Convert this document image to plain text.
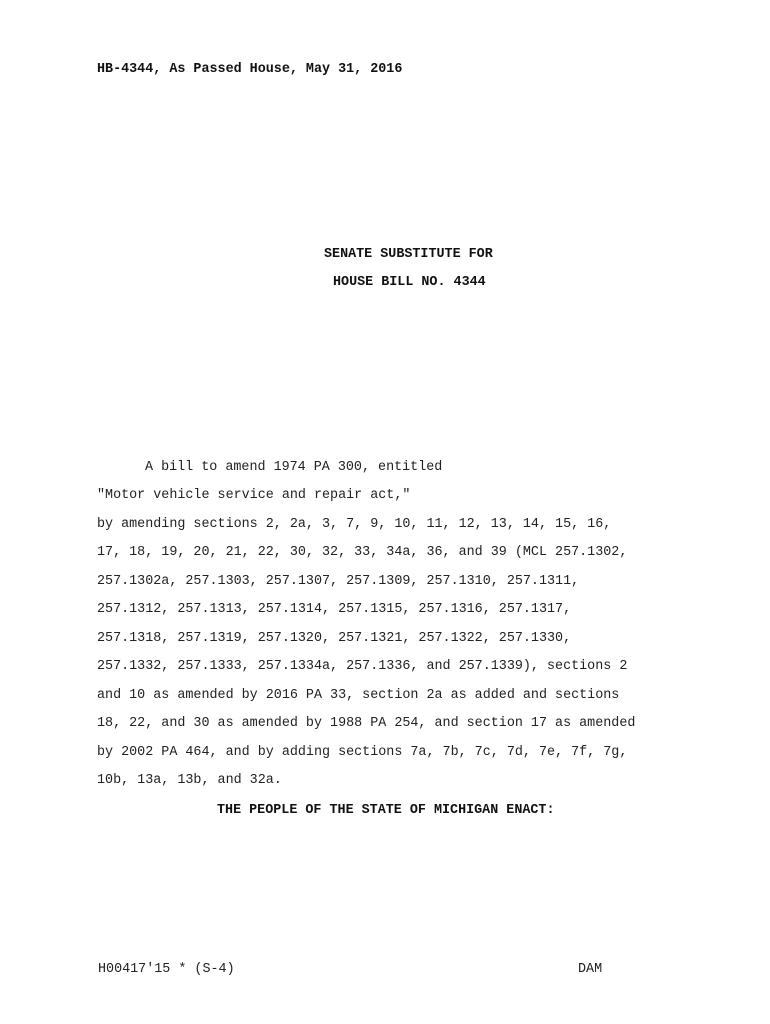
HB-4344, As Passed House, May 31, 2016
SENATE SUBSTITUTE FOR
HOUSE BILL NO. 4344
A bill to amend 1974 PA 300, entitled
"Motor vehicle service and repair act,"
by amending sections 2, 2a, 3, 7, 9, 10, 11, 12, 13, 14, 15, 16,
17, 18, 19, 20, 21, 22, 30, 32, 33, 34a, 36, and 39 (MCL 257.1302,
257.1302a, 257.1303, 257.1307, 257.1309, 257.1310, 257.1311,
257.1312, 257.1313, 257.1314, 257.1315, 257.1316, 257.1317,
257.1318, 257.1319, 257.1320, 257.1321, 257.1322, 257.1330,
257.1332, 257.1333, 257.1334a, 257.1336, and 257.1339), sections 2
and 10 as amended by 2016 PA 33, section 2a as added and sections
18, 22, and 30 as amended by 1988 PA 254, and section 17 as amended
by 2002 PA 464, and by adding sections 7a, 7b, 7c, 7d, 7e, 7f, 7g,
10b, 13a, 13b, and 32a.
THE PEOPLE OF THE STATE OF MICHIGAN ENACT:
H00417'15 * (S-4)	DAM
